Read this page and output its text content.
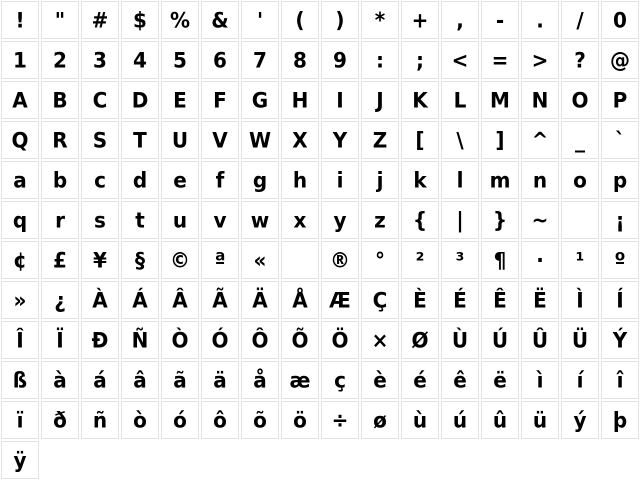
! " # $ % & ' ( ) * + , - . / 0
1 2 3 4 5 6 7 8 9 : ; < = > ? @
A B C D E F G H I J K L M N O P
Q R S T U V W X Y Z [ \ ] ^ _ `
a b c d e f g h i j k l m n o p
q r s t u v w x y z { | } ~	¡
¢ £ ¥ § © ª «	® ° ² ³ ¶ · ¹ º
» ¿ À Á Â Ã Ä Å Æ Ç È É Ê Ë Ì Í
Î Ï Ð Ñ Ò Ó Ô Õ Ö × Ø Ù Ú Û Ü Ý
ß à á â ã ä å æ ç è é ê ë ì í î
ï ð ñ ò ó ô õ ö ÷ ø ù ú û ü ý þ
ÿ
